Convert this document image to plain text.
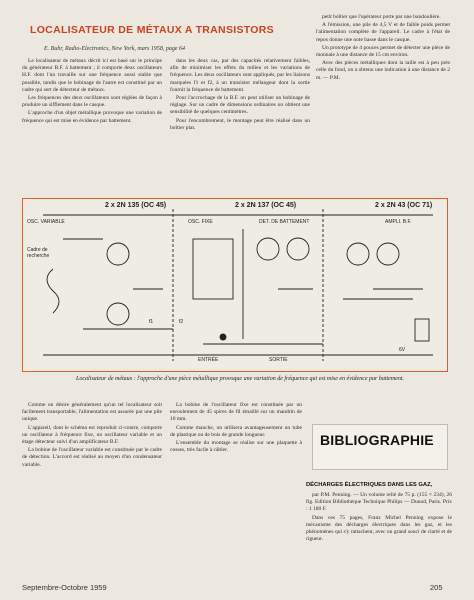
LOCALISATEUR DE MÉTAUX A TRANSISTORS
E. Buhr, Radio-Electronics, New York, mars 1958, page 64

Le localisateur de métaux décrit ici est basé sur le principe du générateur B.F. à battement ; il comporte deux oscillateurs H.F. dont l'un travaille sur une fréquence aussi stable que possible, tandis que le bobinage de l'autre est constitué par un cadre qui sert de détecteur de métaux.

Les fréquences des deux oscillateurs sont réglées de façon à produire un sifflement dans le casque.

L'approche d'un objet métallique provoque une variation de fréquence qui est mise en évidence par battement.

dans les deux cas, par des capacités relativement faibles, afin de minimiser les effets du milieu et les variations de fréquence. Les deux oscillateurs sont appliqués, par les liaisons marquées f1 et f2, à un transistor mélangeur dont la sortie fournit la fréquence de battement.

Pour l'accrochage de la B.F. on peut utiliser un bobinage de réglage. Sur un cadre de dimensions ordinaires on obtient une sensibilité de quelques centimètres.

Pour l'encombrement, le montage peut être réalisé dans un boîtier plat.

petit boîtier que l'opérateur porte par une bandoulière.

A l'émission, une pile de 4,5 V et de faible poids permet l'alimentation complète de l'appareil. Le cadre à l'état de repos donne une note basse dans le casque.

Un prototype de 4 pouces permet de détecter une pièce de monnaie à une distance de 15 cm environ.

Avec des pièces métalliques dont la taille est à peu près celle du fond, on a obtenu une indication à une distance de 2 m. — P.M.

2 x 2N 135 (OC 45)	2 x 2N 137 (OC 45)	2 x 2N 43 (OC 71)
OSC. VARIABLE	OSC. FIXE	DET. DE BATTEMENT	AMPLI. B.F.
Cadre de recherche
ENTRÉE	SORTIE
6V
f1	f2
Localisateur de métaux : l'approche d'une pièce métallique provoque une variation de fréquence qui est mise en évidence par battement.

Comme on désire généralement qu'un tel localisateur soit facilement transportable, l'alimentation est assurée par une pile unique.

L'appareil, dont le schéma est reproduit ci-contre, comporte un oscillateur à fréquence fixe, un oscillateur variable et un étage détecteur suivi d'un amplificateur B.F.

La bobine de l'oscillateur variable est constituée par le cadre de détection. L'accord est réalisé au moyen d'un condensateur variable.

La bobine de l'oscillateur fixe est constituée par un enroulement de 45 spires de fil émaillé sur un mandrin de 10 mm.

Comme manche, on utilisera avantageusement un tube de plastique ou de bois de grande longueur.

L'ensemble du montage se réalise sur une plaquette à cosses, très facile à câbler.

BIBLIOGRAPHIE
DÉCHARGES ÉLECTRIQUES DANS LES GAZ,

par P.M. Penning. — Un volume relié de 75 p. (155 × 234), 26 fig. Edition Bibliothèque Technique Philips — Dunod, Paris. Prix : 1 180 F.

Dans ces 75 pages, Franz Michel Penning expose le mécanisme des décharges électriques dans les gaz, et les phénomènes qui s'y rattachent, avec un grand souci de clarté et de rigueur.

Septembre-Octobre 1959	205
